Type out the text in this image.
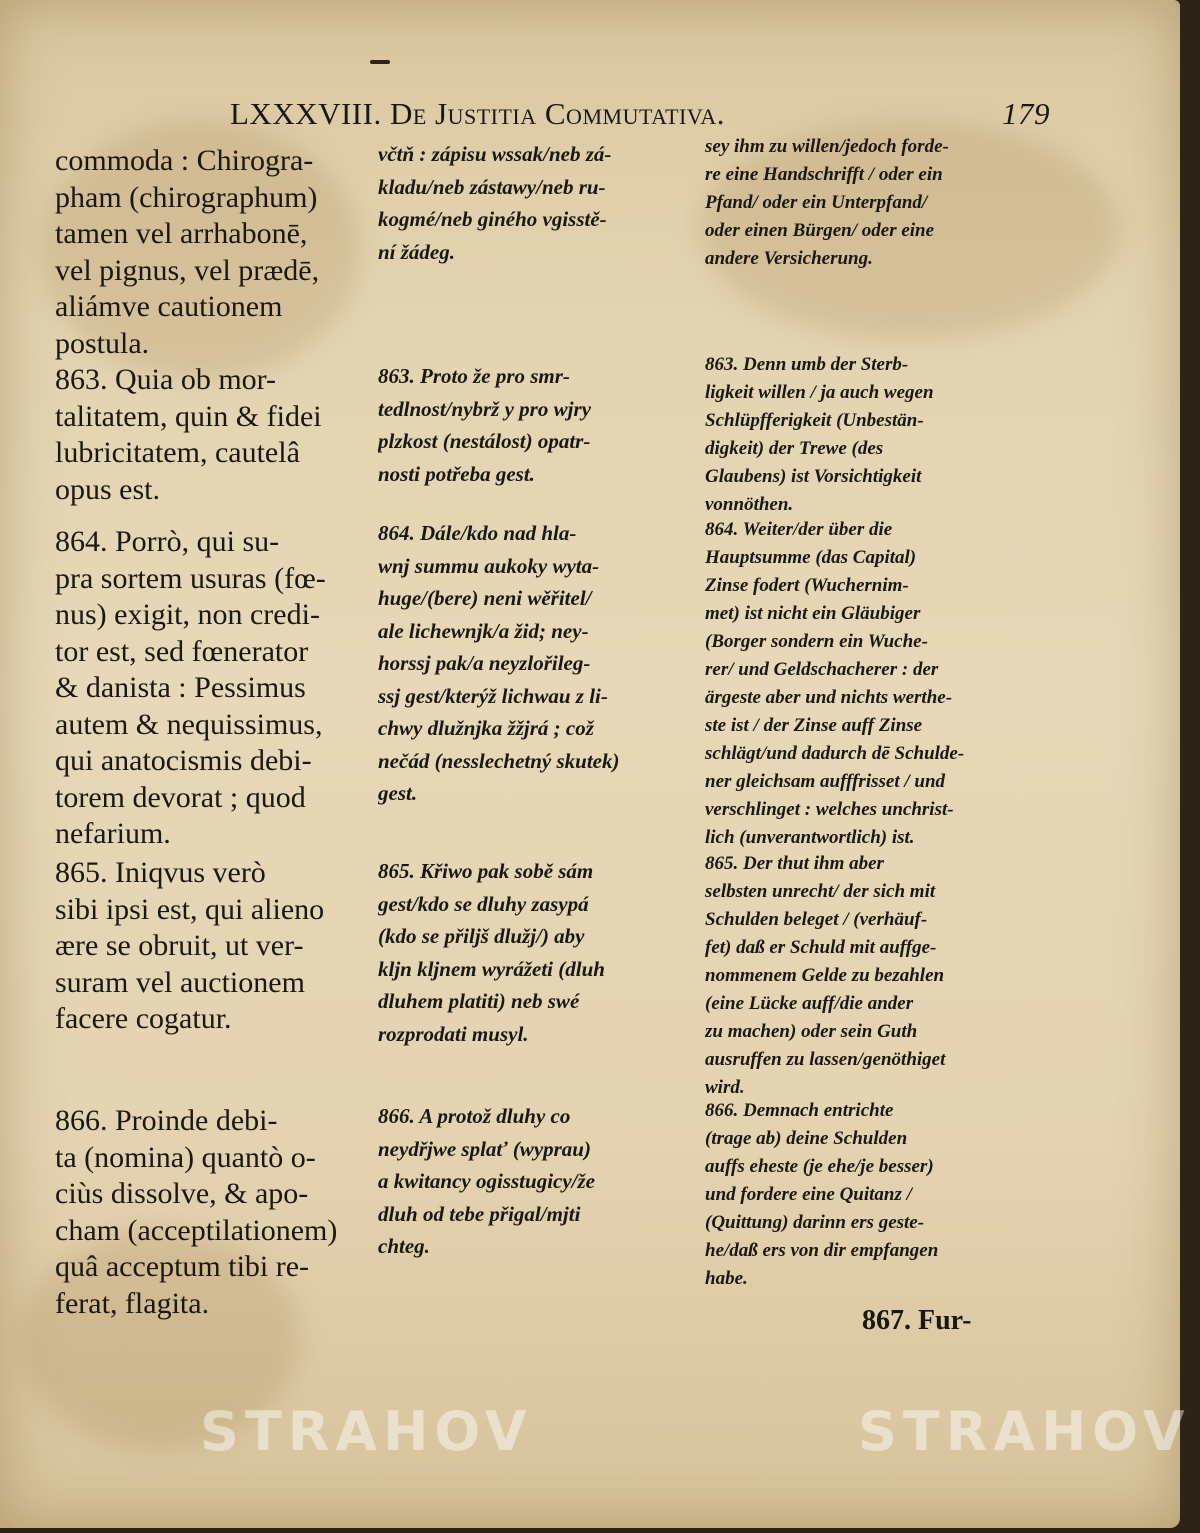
LXXXVIII. De Justitia Commutativa.	179
commoda : Chirogra-
pham (chirographum)
tamen vel arrhabonē,
vel pignus, vel prædē,
aliámve cautionem
postula.
863. Quia ob mor-
talitatem, quin & fidei
lubricitatem, cautelâ
opus est.
864. Porrò, qui su-
pra sortem usuras (fœ-
nus) exigit, non credi-
tor est, sed fœnerator
& danista : Pessimus
autem & nequissimus,
qui anatocismis debi-
torem devorat ; quod
nefarium.
865. Iniqvus verò
sibi ipsi est, qui alieno
ære se obruit, ut ver-
suram vel auctionem
facere cogatur.
866. Proinde debi-
ta (nomina) quantò o-
ciùs dissolve, & apo-
cham (acceptilationem)
quâ acceptum tibi re-
ferat, flagita.
včtň : zápisu wssak/neb zá-
kladu/neb zástawy/neb ru-
kogmé/neb giného vgisstě-
ní žádeg.
863. Proto že pro smr-
tedlnost/nybrž y pro wjry
plzkost (nestálost) opatr-
nosti potřeba gest.
864. Dále/kdo nad hla-
wnj summu aukoky wyta-
huge/(bere) neni wěřitel/
ale lichewnjk/a žid; ney-
horssj pak/a neyzlořileg-
ssj gest/kterýž lichwau z li-
chwy dlužnjka žžjrá ; což
nečád (nesslechetný skutek)
gest.
865. Křiwo pak sobě sám
gest/kdo se dluhy zasypá
(kdo se přiljš dlužj/) aby
kljn kljnem wyrážeti (dluh
dluhem platiti) neb swé
rozprodati musyl.
866. A protož dluhy co
neydřjwe splať (wyprau)
a kwitancy ogisstugicy/že
dluh od tebe přigal/mjti
chteg.
sey ihm zu willen/jedoch forde-
re eine Handschrifft / oder ein
Pfand/ oder ein Unterpfand/
oder einen Bürgen/ oder eine
andere Versicherung.
863. Denn umb der Sterb-
ligkeit willen / ja auch wegen
Schlüpfferigkeit (Unbestän-
digkeit) der Trewe (des
Glaubens) ist Vorsichtigkeit
vonnöthen.
864. Weiter/der über die
Hauptsumme (das Capital)
Zinse fodert (Wuchernim-
met) ist nicht ein Gläubiger
(Borger sondern ein Wuche-
rer/ und Geldschacherer : der
ärgeste aber und nichts werthe-
ste ist / der Zinse auff Zinse
schlägt/und dadurch dē Schulde-
ner gleichsam aufffrisset / und
verschlinget : welches unchrist-
lich (unverantwortlich) ist.
865. Der thut ihm aber
selbsten unrecht/ der sich mit
Schulden beleget / (verhäuf-
fet) daß er Schuld mit auffge-
nommenem Gelde zu bezahlen
(eine Lücke auff/die ander
zu machen) oder sein Guth
ausruffen zu lassen/genöthiget
wird.
866. Demnach entrichte
(trage ab) deine Schulden
auffs eheste (je ehe/je besser)
und fordere eine Quitanz /
(Quittung) darinn ers geste-
he/daß ers von dir empfangen
habe.
867. Fur-
STRAHOV	STRAHOV
